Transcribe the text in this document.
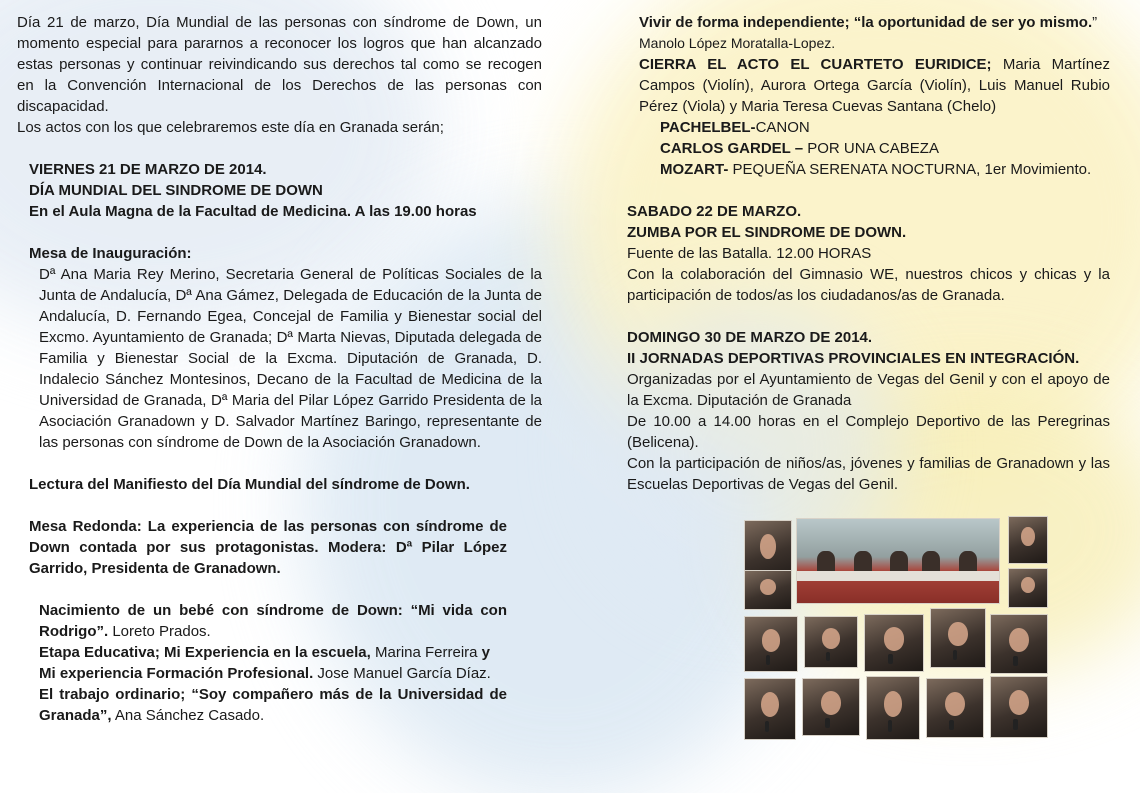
Día 21 de marzo, Día Mundial de las personas con síndrome de Down, un momento especial para pararnos a reconocer los logros que han alcanzado estas personas y continuar reivindicando sus derechos tal como se recogen en la Convención Internacional de los Derechos de las personas con discapacidad.

Los actos con los que celebraremos este día en Granada serán;

VIERNES 21 DE MARZO DE 2014.

DÍA MUNDIAL DEL SINDROME DE DOWN

En el Aula Magna de la Facultad de Medicina. A las 19.00 horas

Mesa de Inauguración:

Dª Ana Maria Rey Merino, Secretaria General de Políticas Sociales de la Junta de Andalucía, Dª Ana Gámez, Delegada de Educación de la Junta de Andalucía, D. Fernando Egea, Concejal de Familia y Bienestar social del Excmo. Ayuntamiento de Granada; Dª Marta Nievas, Diputada delegada de Familia y Bienestar Social de la Excma. Diputación de Granada, D. Indalecio Sánchez Montesinos, Decano de la Facultad de Medicina de la Universidad de Granada, Dª Maria del Pilar López Garrido Presidenta de la Asociación Granadown y D. Salvador Martínez Baringo, representante de las personas con síndrome de Down de la Asociación Granadown.

Lectura del Manifiesto del Día Mundial del síndrome de Down.

Mesa Redonda: La experiencia de las personas con síndrome de Down contada por sus protagonistas. Modera: Dª Pilar López Garrido, Presidenta de Granadown.

Nacimiento de un bebé con síndrome de Down: “Mi vida con Rodrigo”. Loreto Prados.

Etapa Educativa; Mi Experiencia en la escuela, Marina Ferreira y

Mi experiencia Formación Profesional. Jose Manuel García Díaz.

El trabajo ordinario; “Soy compañero más de la Universidad de Granada”, Ana Sánchez Casado.

Vivir de forma independiente; “la oportunidad de ser yo mismo.”

Manolo López Moratalla-Lopez.

CIERRA EL ACTO EL CUARTETO EURIDICE; Maria Martínez Campos (Violín), Aurora Ortega García (Violín), Luis Manuel Rubio Pérez (Viola) y Maria Teresa Cuevas Santana (Chelo)

PACHELBEL-CANON

CARLOS GARDEL – POR UNA CABEZA

MOZART- PEQUEÑA SERENATA NOCTURNA, 1er Movimiento.

SABADO 22 DE MARZO.

ZUMBA POR EL SINDROME DE DOWN.

Fuente de las Batalla. 12.00 HORAS

Con la colaboración del Gimnasio WE, nuestros chicos y chicas y la participación de todos/as los ciudadanos/as de Granada.

DOMINGO 30 DE MARZO DE 2014.

II JORNADAS DEPORTIVAS PROVINCIALES EN INTEGRACIÓN.

Organizadas por el Ayuntamiento de Vegas del Genil y con el apoyo de la Excma. Diputación de Granada

De 10.00 a 14.00 horas en el Complejo Deportivo de las Peregrinas (Belicena).

Con la participación de niños/as, jóvenes y familias de Granadown y las Escuelas Deportivas de Vegas del Genil.
